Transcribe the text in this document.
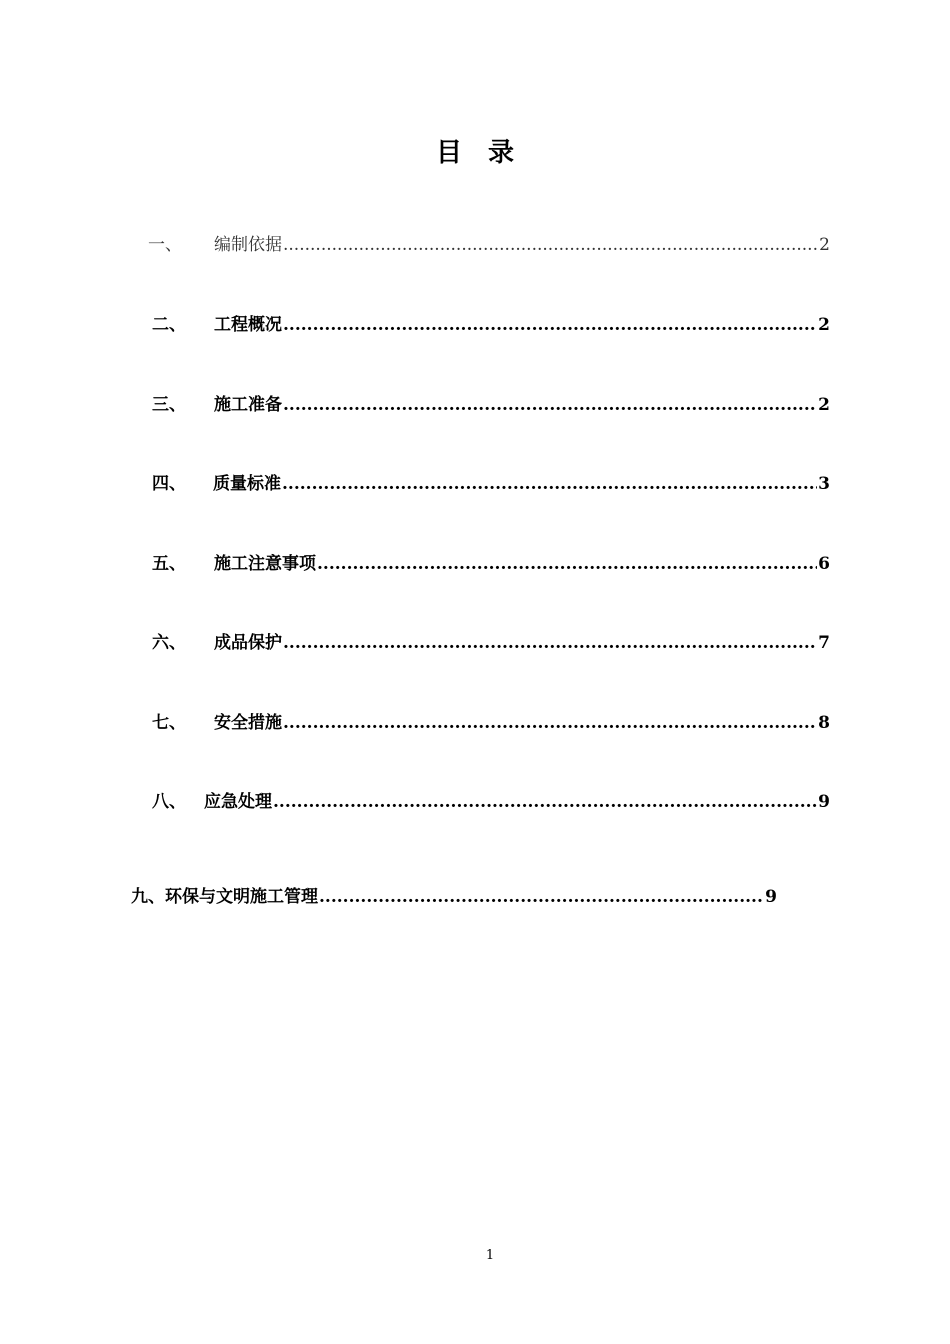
目 录
一、	编制依据 .....	2
二、	工程概况 .....	2
三、	施工准备 .....	2
四、	质量标准 .....	3
五、	施工注意事项 .....	6
六、	成品保护 .....	7
七、	安全措施 .....	8
八、	应急处理 .....	9
九、 环保与文明施工管理 .....	9
1
